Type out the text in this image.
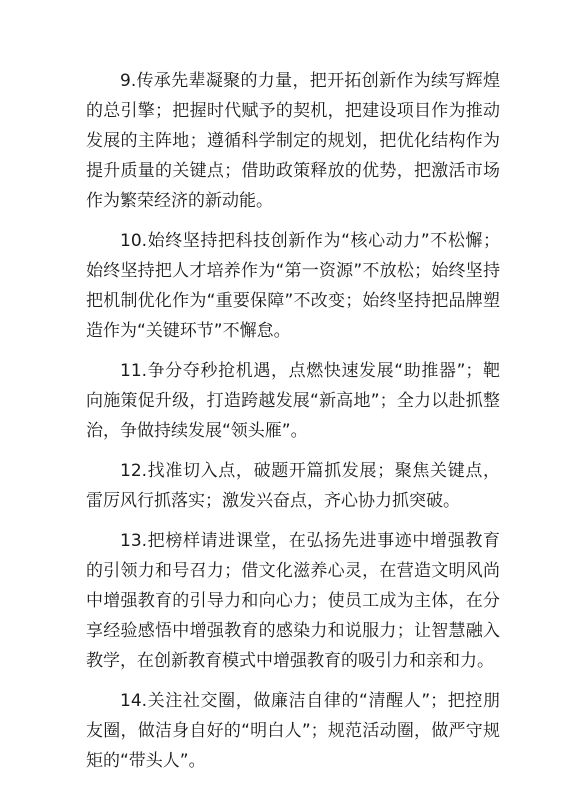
9.传承先辈凝聚的力量，把开拓创新作为续写辉煌的总引擎；把握时代赋予的契机，把建设项目作为推动发展的主阵地；遵循科学制定的规划，把优化结构作为提升质量的关键点；借助政策释放的优势，把激活市场作为繁荣经济的新动能。

10.始终坚持把科技创新作为“核心动力”不松懈；始终坚持把人才培养作为“第一资源”不放松；始终坚持把机制优化作为“重要保障”不改变；始终坚持把品牌塑造作为“关键环节”不懈怠。

11.争分夺秒抢机遇，点燃快速发展“助推器”；靶向施策促升级，打造跨越发展“新高地”；全力以赴抓整治，争做持续发展“领头雁”。

12.找准切入点，破题开篇抓发展；聚焦关键点，雷厉风行抓落实；激发兴奋点，齐心协力抓突破。

13.把榜样请进课堂，在弘扬先进事迹中增强教育的引领力和号召力；借文化滋养心灵，在营造文明风尚中增强教育的引导力和向心力；使员工成为主体，在分享经验感悟中增强教育的感染力和说服力；让智慧融入教学，在创新教育模式中增强教育的吸引力和亲和力。

14.关注社交圈，做廉洁自律的“清醒人”；把控朋友圈，做洁身自好的“明白人”；规范活动圈，做严守规矩的“带头人”。
